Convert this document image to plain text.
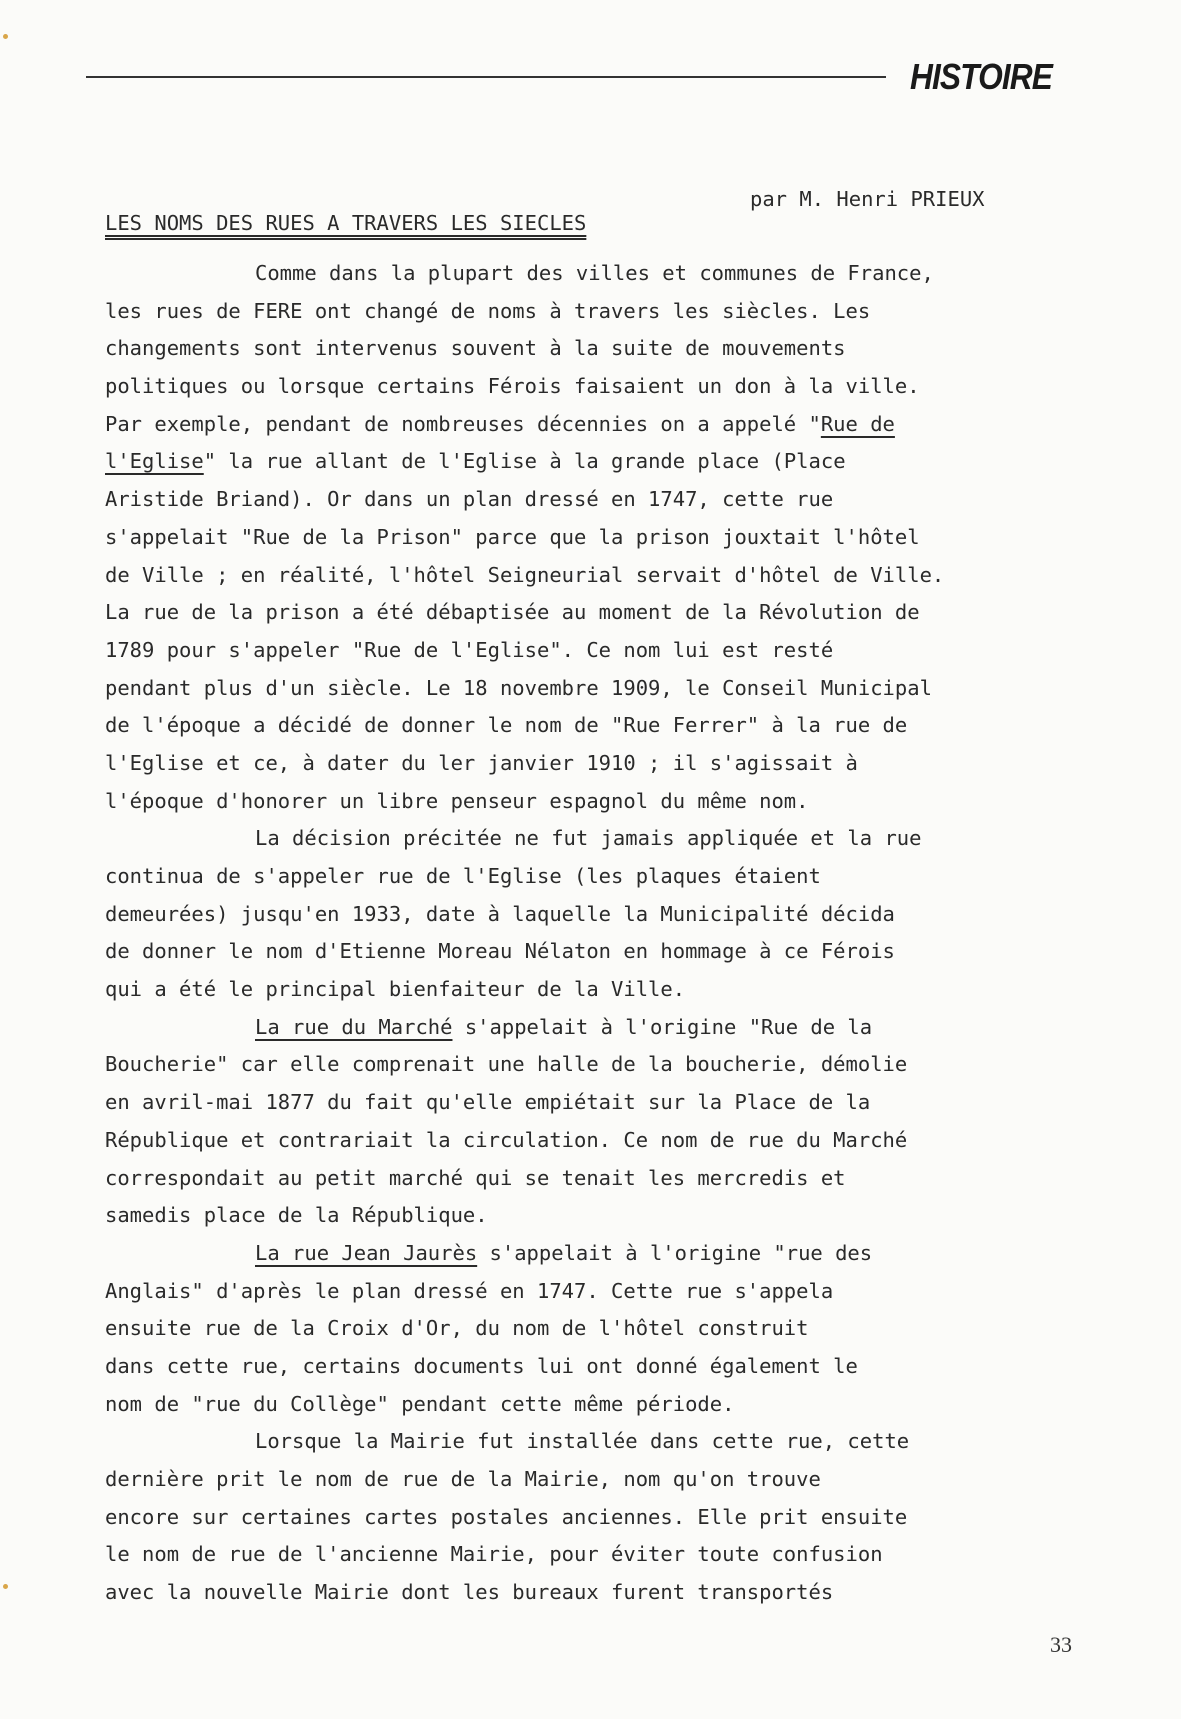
HISTOIRE
par M. Henri PRIEUX
LES NOMS DES RUES A TRAVERS LES SIECLES
Comme dans la plupart des villes et communes de France,
les rues de FERE ont changé de noms à travers les siècles. Les
changements sont intervenus souvent à la suite de mouvements
politiques ou lorsque certains Férois faisaient un don à la ville.
Par exemple, pendant de nombreuses décennies on a appelé "Rue de
l'Eglise" la rue allant de l'Eglise à la grande place (Place
Aristide Briand). Or dans un plan dressé en 1747, cette rue
s'appelait "Rue de la Prison" parce que la prison jouxtait l'hôtel
de Ville ; en réalité, l'hôtel Seigneurial servait d'hôtel de Ville.
La rue de la prison a été débaptisée au moment de la Révolution de
1789 pour s'appeler "Rue de l'Eglise". Ce nom lui est resté
pendant plus d'un siècle. Le 18 novembre 1909, le Conseil Municipal
de l'époque a décidé de donner le nom de "Rue Ferrer" à la rue de
l'Eglise et ce, à dater du ler janvier 1910 ; il s'agissait à
l'époque d'honorer un libre penseur espagnol du même nom.
La décision précitée ne fut jamais appliquée et la rue
continua de s'appeler rue de l'Eglise (les plaques étaient
demeurées) jusqu'en 1933, date à laquelle la Municipalité décida
de donner le nom d'Etienne Moreau Nélaton en hommage à ce Férois
qui a été le principal bienfaiteur de la Ville.
La rue du Marché s'appelait à l'origine "Rue de la
Boucherie" car elle comprenait une halle de la boucherie, démolie
en avril-mai 1877 du fait qu'elle empiétait sur la Place de la
République et contrariait la circulation. Ce nom de rue du Marché
correspondait au petit marché qui se tenait les mercredis et
samedis place de la République.
La rue Jean Jaurès s'appelait à l'origine "rue des
Anglais" d'après le plan dressé en 1747. Cette rue s'appela
ensuite rue de la Croix d'Or, du nom de l'hôtel construit
dans cette rue, certains documents lui ont donné également le
nom de "rue du Collège" pendant cette même période.
Lorsque la Mairie fut installée dans cette rue, cette
dernière prit le nom de rue de la Mairie, nom qu'on trouve
encore sur certaines cartes postales anciennes. Elle prit ensuite
le nom de rue de l'ancienne Mairie, pour éviter toute confusion
avec la nouvelle Mairie dont les bureaux furent transportés
33
